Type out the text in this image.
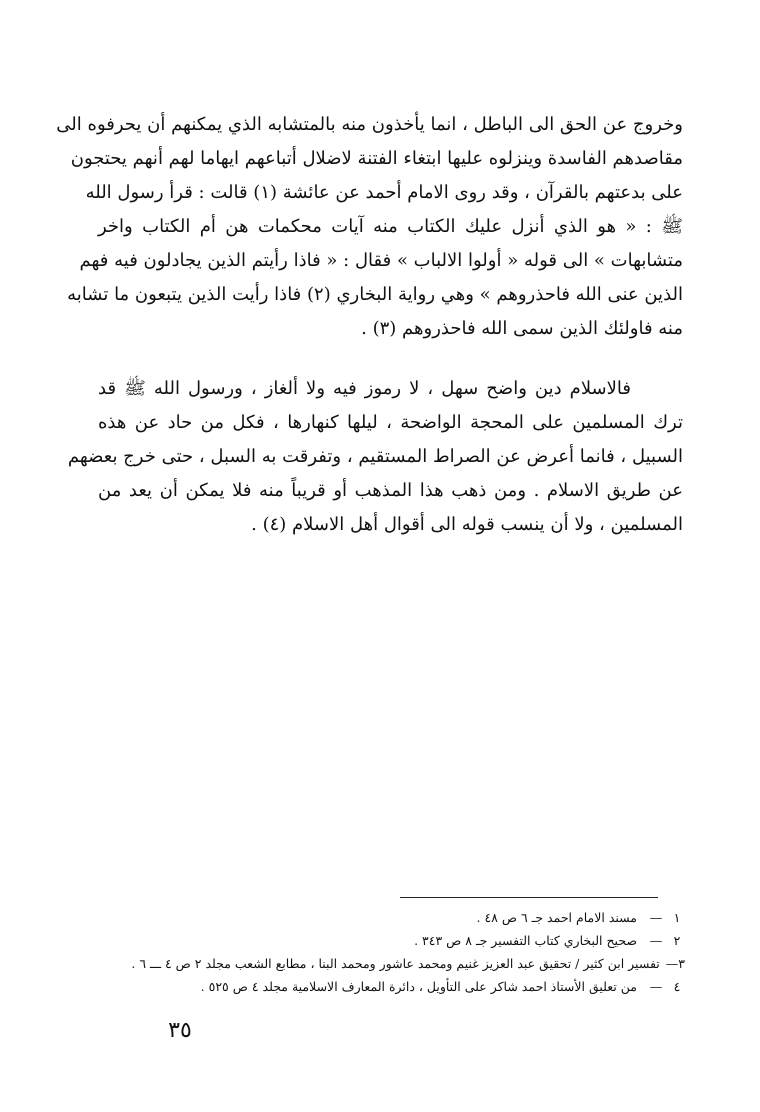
وخروج عن الحق الى الباطل ، انما يأخذون منه بالمتشابه الذي يمكنهم أن يحرفوه الى
مقاصدهم الفاسدة وينزلوه عليها ابتغاء الفتنة لاضلال أتباعهم ايهاما لهم أنهم يحتجون
على بدعتهم بالقرآن ، وقد روى الامام أحمد عن عائشة (١) قالت : قرأ رسول الله
ﷺ : « هو الذي أنزل عليك الكتاب منه آيات محكمات هن أم الكتاب واخر
متشابهات » الى قوله « أولوا الالباب » فقال : « فاذا رأيتم الذين يجادلون فيه فهم
الذين عنى الله فاحذروهم » وهي رواية البخاري (٢) فاذا رأيت الذين يتبعون ما تشابه
منه فاولئك الذين سمى الله فاحذروهم (٣) .
فالاسلام دين واضح سهل ، لا رموز فيه ولا ألغاز ، ورسول الله ﷺ قد
ترك المسلمين على المحجة الواضحة ، ليلها كنهارها ، فكل من حاد عن هذه
السبيل ، فانما أعرض عن الصراط المستقيم ، وتفرقت به السبل ، حتى خرج بعضهم
عن طريق الاسلام . ومن ذهب هذا المذهب أو قريباً منه فلا يمكن أن يعد من
المسلمين ، ولا أن ينسب قوله الى أقوال أهل الاسلام (٤) .
١
—
مسند الامام احمد جـ ٦ ص ٤٨ .
٢
—
صحيح البخاري كتاب التفسير جـ ٨ ص ٣٤٣ .
٣
—
تفسير ابن كثير / تحقيق عبد العزيز غنيم ومحمد عاشور ومحمد البنا ، مطابع الشعب مجلد ٢ ص ٤ ـــ ٦ .
٤
—
من تعليق الأستاذ احمد شاكر على التأويل ، دائرة المعارف الاسلامية مجلد ٤ ص ٥٢٥ .
٣٥
